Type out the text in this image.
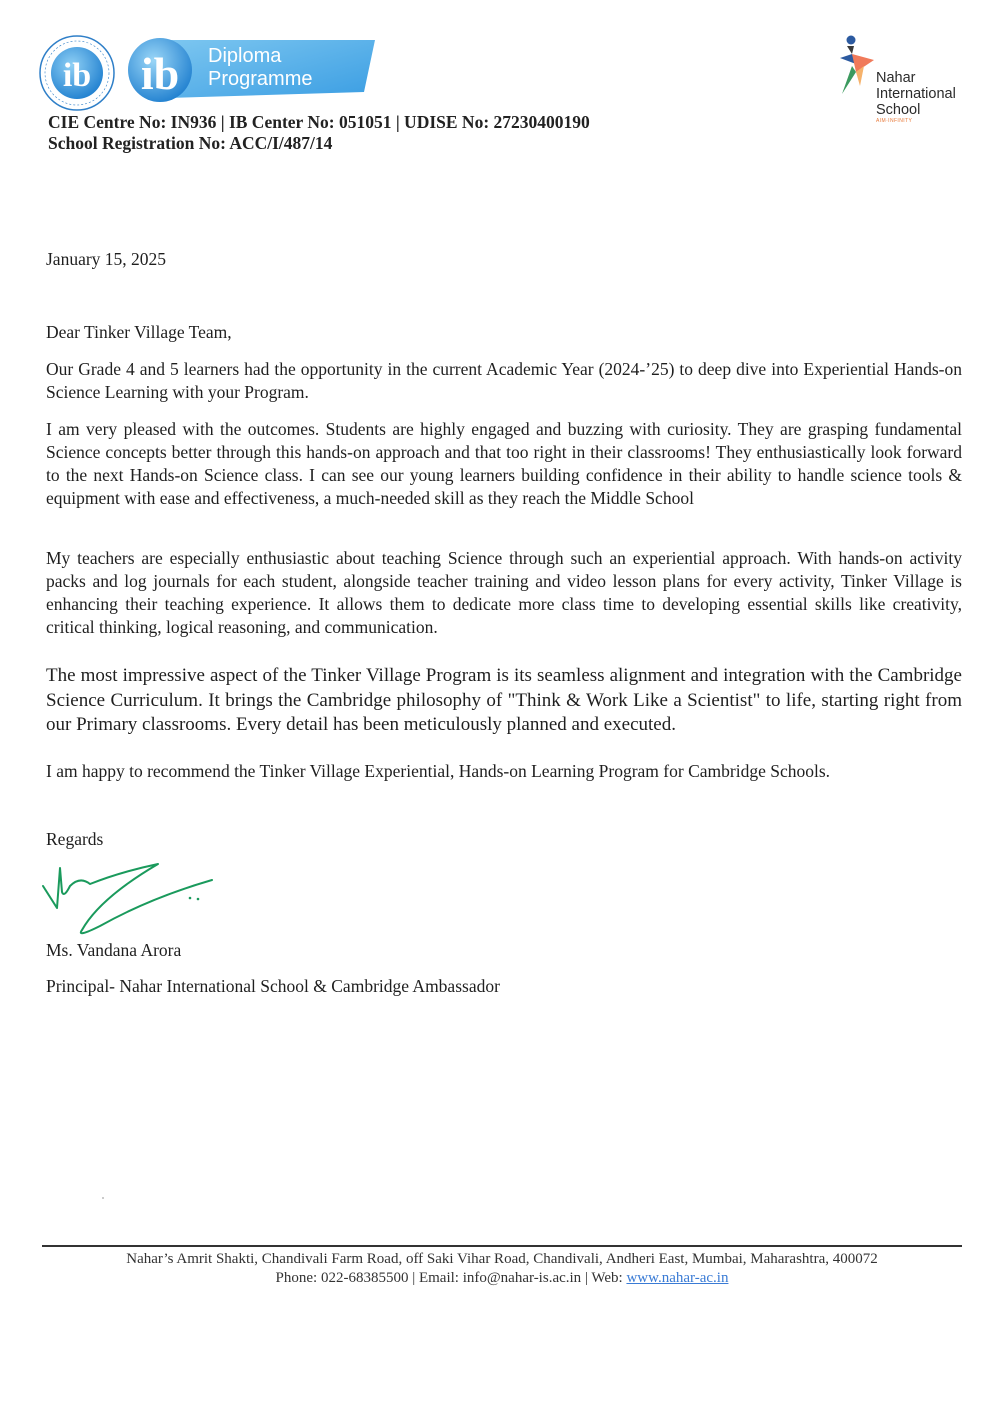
ib ib Diploma
Programme	Nahar
International
School
AIM·INFINITY
CIE Centre No: IN936 | IB Center No: 051051 | UDISE No: 27230400190
School Registration No: ACC/I/487/14
January 15, 2025
Dear Tinker Village Team,

Our Grade 4 and 5 learners had the opportunity in the current Academic Year (2024-’25) to deep dive into Experiential Hands-on Science Learning with your Program.

I am very pleased with the outcomes. Students are highly engaged and buzzing with curiosity. They are grasping fundamental Science concepts better through this hands-on approach and that too right in their classrooms! They enthusiastically look forward to the next Hands-on Science class. I can see our young learners building confidence in their ability to handle science tools & equipment with ease and effectiveness, a much-needed skill as they reach the Middle School

My teachers are especially enthusiastic about teaching Science through such an experiential approach. With hands-on activity packs and log journals for each student, alongside teacher training and video lesson plans for every activity, Tinker Village is enhancing their teaching experience. It allows them to dedicate more class time to developing essential skills like creativity, critical thinking, logical reasoning, and communication.

The most impressive aspect of the Tinker Village Program is its seamless alignment and integration with the Cambridge Science Curriculum. It brings the Cambridge philosophy of "Think & Work Like a Scientist" to life, starting right from our Primary classrooms. Every detail has been meticulously planned and executed.

I am happy to recommend the Tinker Village Experiential, Hands-on Learning Program for Cambridge Schools.

Regards
Ms. Vandana Arora
Principal- Nahar International School & Cambridge Ambassador
Nahar’s Amrit Shakti, Chandivali Farm Road, off Saki Vihar Road, Chandivali, Andheri East, Mumbai, Maharashtra, 400072
Phone: 022-68385500 | Email: info@nahar-is.ac.in | Web: www.nahar-ac.in
